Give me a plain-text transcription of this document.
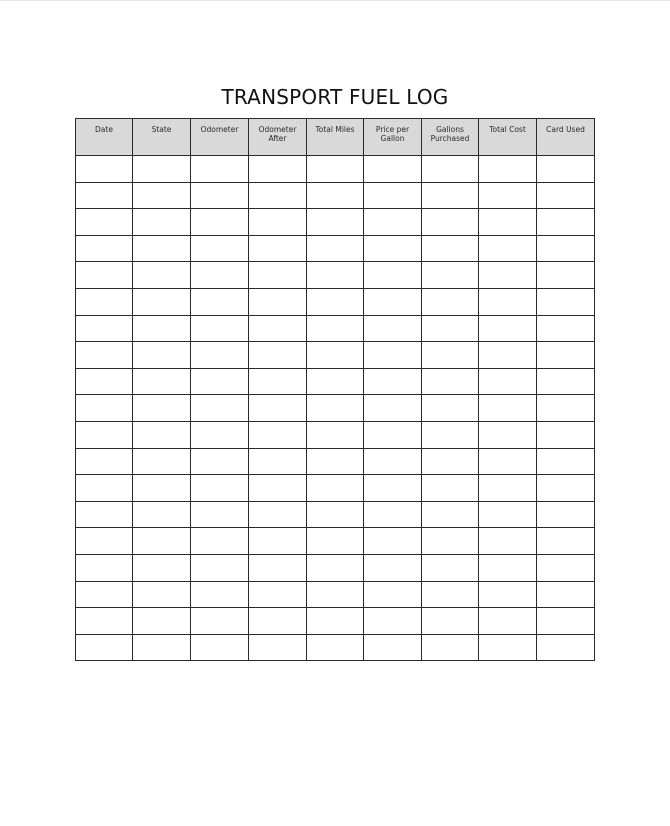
TRANSPORT FUEL LOG
Date	State	Odometer	Odometer After	Total Miles	Price per Gallon	Gallons Purchased	Total Cost	Card Used
